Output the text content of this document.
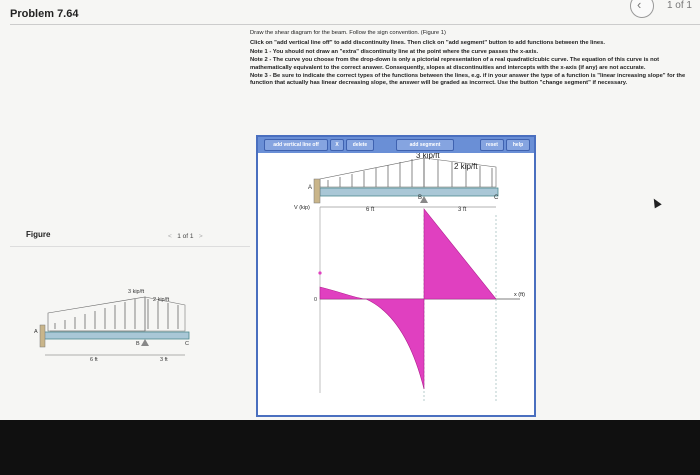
Problem 7.64
‹	1 of 1

Draw the shear diagram for the beam. Follow the sign convention. (Figure 1)

Click on "add vertical line off" to add discontinuity lines. Then click on "add segment" button to add functions between the lines.

Note 1 - You should not draw an "extra" discontinuity line at the point where the curve passes the x-axis.

Note 2 - The curve you choose from the drop-down is only a pictorial representation of a real quadratic/cubic curve. The equation of this curve is not mathematically equivalent to the correct answer. Consequently, slopes at discontinuities and intercepts with the x-axis (if any) are not accurate.

Note 3 - Be sure to indicate the correct types of the functions between the lines, e.g. if in your answer the type of a function is "linear increasing slope" for the function that actually has linear decreasing slope, the answer will be graded as incorrect. Use the button "change segment" if necessary.

Figure	< 1 of 1 >
3 kip/ft
2 kip/ft
A
B	C
6 ft	3 ft
add vertical line off	X	delete	add segment	reset	help
3 kip/ft
2 kip/ft
A
B	C
6 ft	3 ft
V (kip)
x (ft)
0
